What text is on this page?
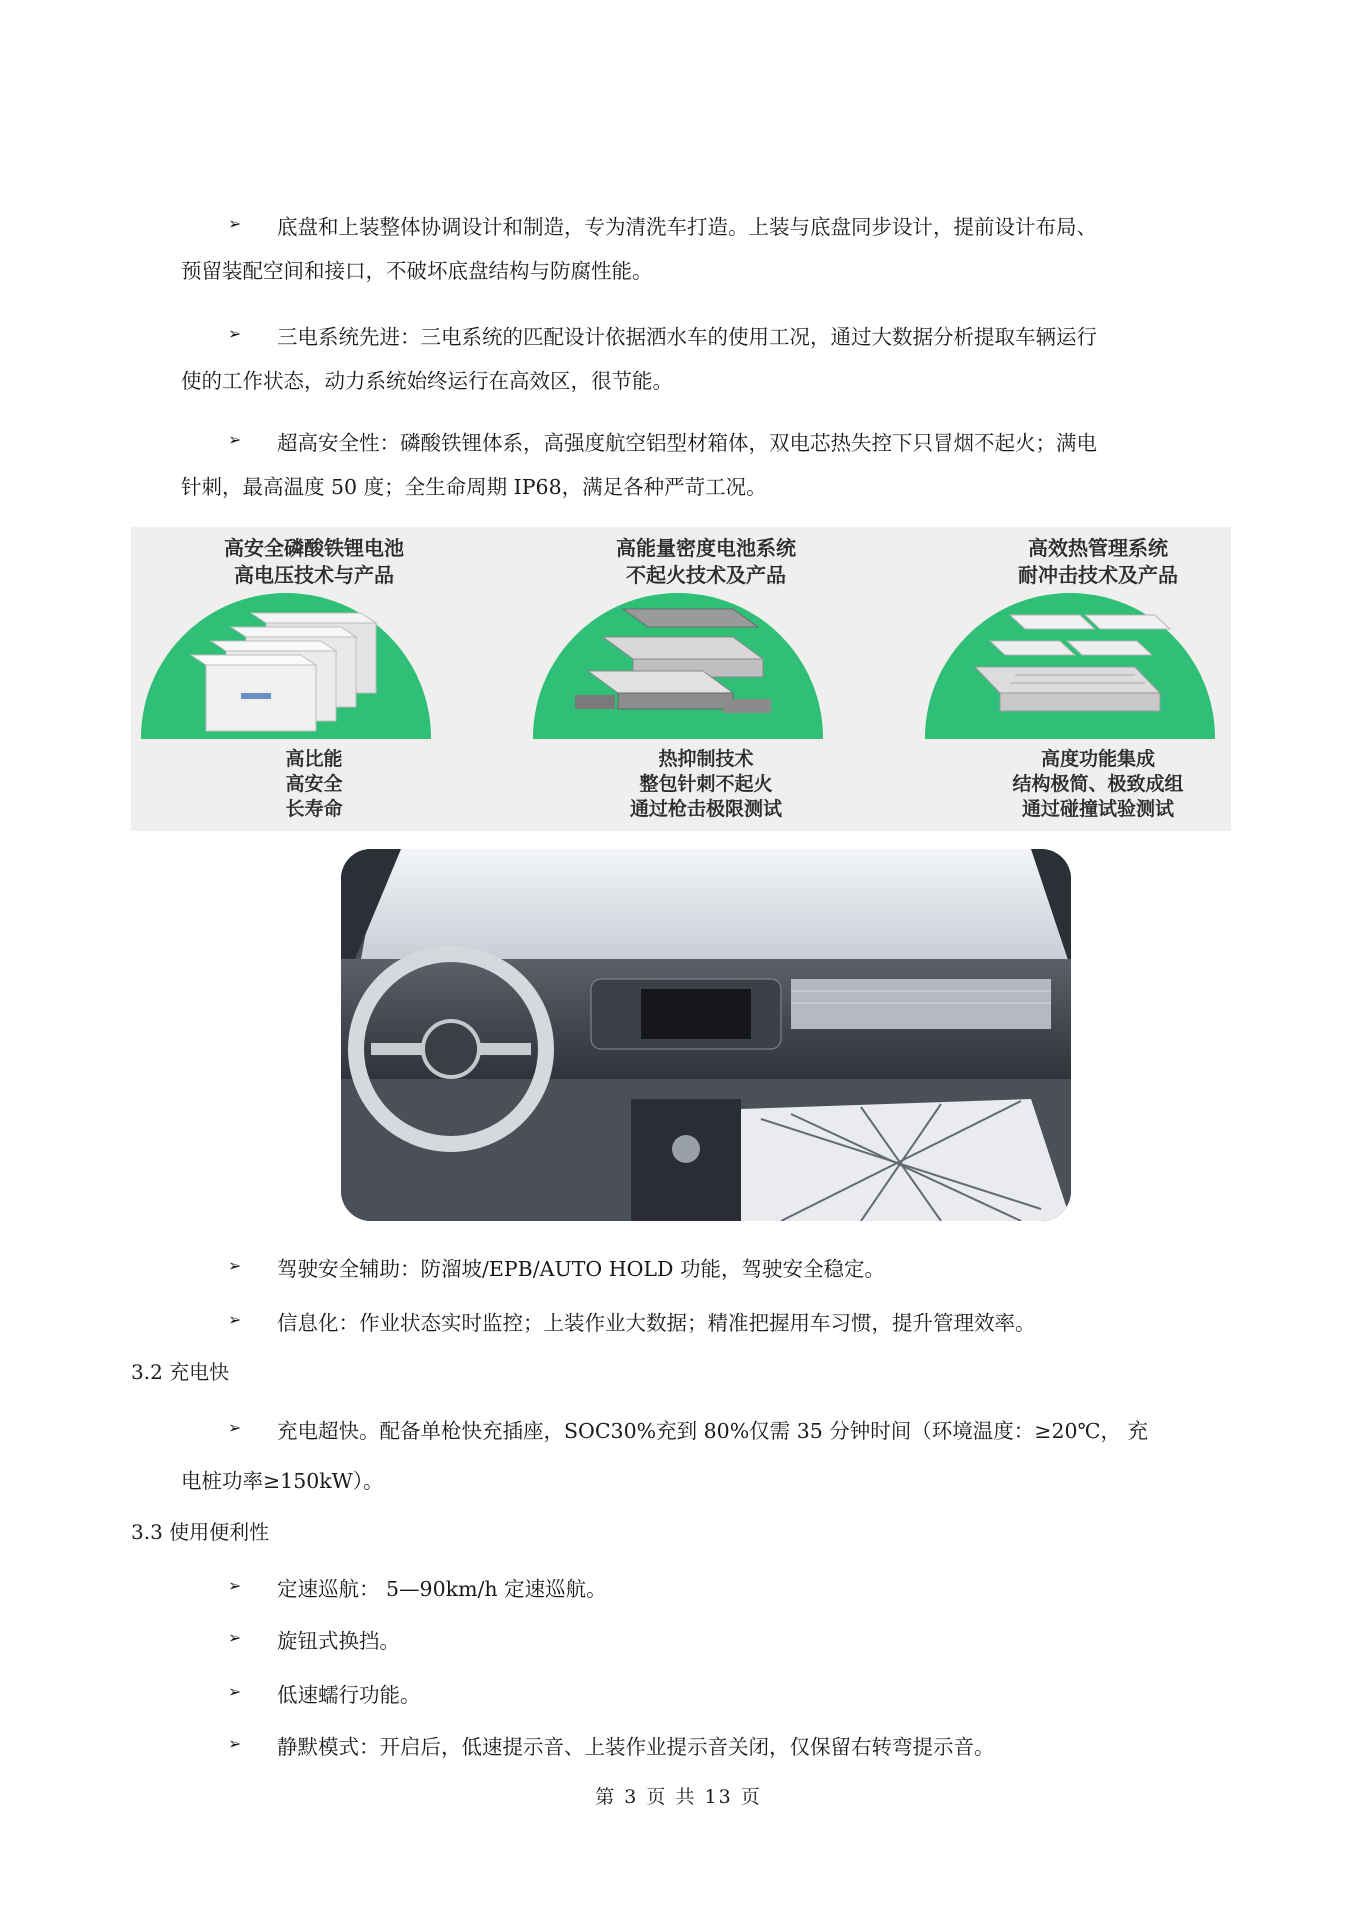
➢ 底盘和上装整体协调设计和制造，专为清洗车打造。上装与底盘同步设计，提前设计布局、
预留装配空间和接口，不破坏底盘结构与防腐性能。
➢ 三电系统先进：三电系统的匹配设计依据洒水车的使用工况，通过大数据分析提取车辆运行
使的工作状态，动力系统始终运行在高效区，很节能。
➢ 超高安全性：磷酸铁锂体系，高强度航空铝型材箱体，双电芯热失控下只冒烟不起火；满电
针刺，最高温度 50 度；全生命周期 IP68，满足各种严苛工况。
高安全磷酸铁锂电池
高电压技术与产品
高比能
高安全
长寿命
高能量密度电池系统
不起火技术及产品
热抑制技术
整包针刺不起火
通过枪击极限测试
高效热管理系统
耐冲击技术及产品
高度功能集成
结构极简、极致成组
通过碰撞试验测试
➢ 驾驶安全辅助：防溜坡/EPB/AUTO HOLD 功能，驾驶安全稳定。
➢ 信息化：作业状态实时监控；上装作业大数据；精准把握用车习惯，提升管理效率。
3.2 充电快
➢ 充电超快。配备单枪快充插座，SOC30%充到 80%仅需 35 分钟时间（环境温度：≥20℃， 充
电桩功率≥150kW）。
3.3 使用便利性
➢ 定速巡航： 5—90km/h 定速巡航。
➢ 旋钮式换挡。
➢ 低速蠕行功能。
➢ 静默模式：开启后，低速提示音、上装作业提示音关闭，仅保留右转弯提示音。
第 3 页 共 13 页
